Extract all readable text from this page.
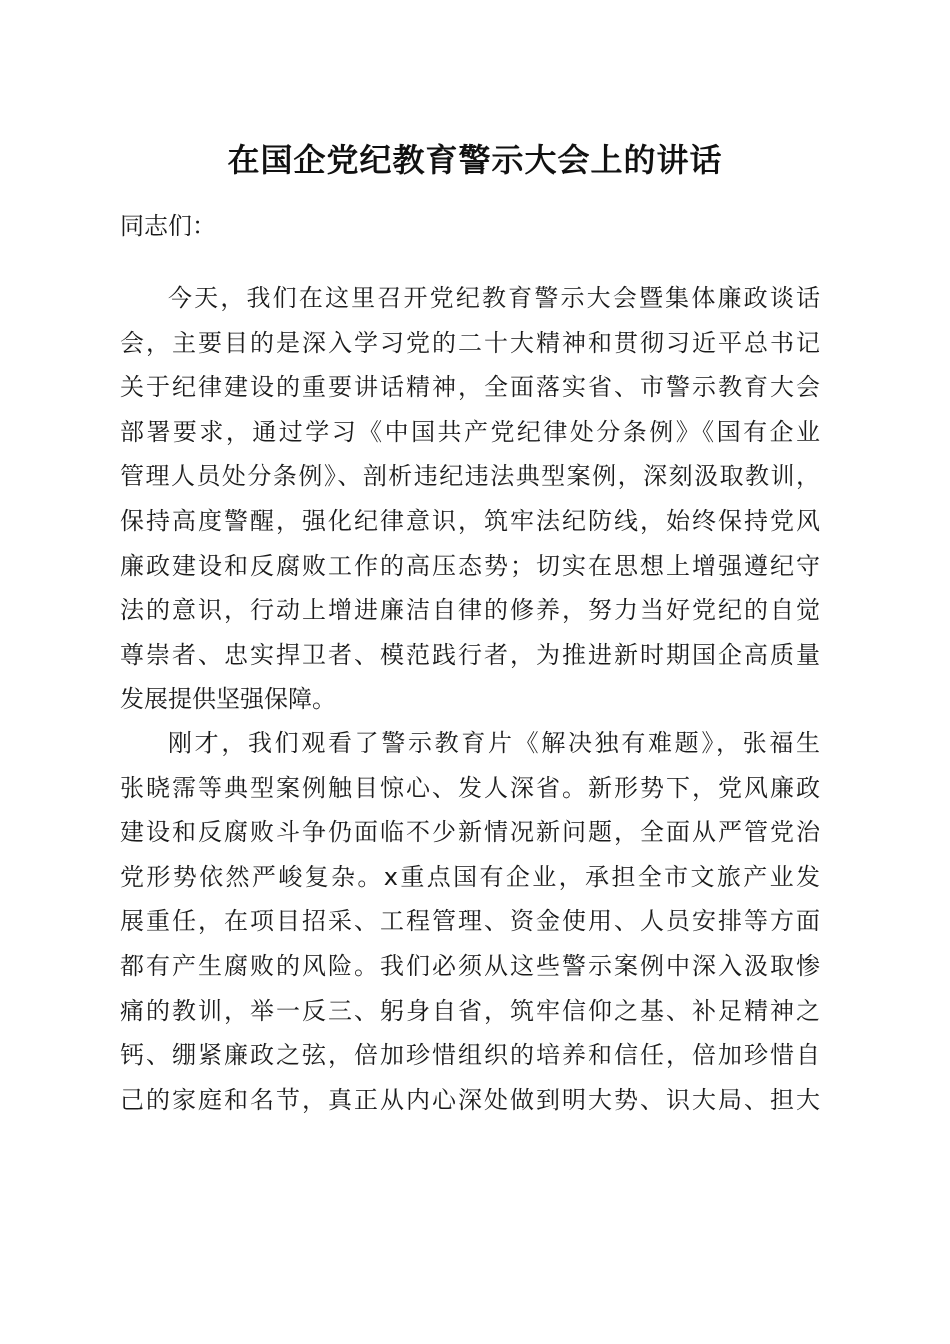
在国企党纪教育警示大会上的讲话
同志们：
今天，我们在这里召开党纪教育警示大会暨集体廉政谈话
会，主要目的是深入学习党的二十大精神和贯彻习近平总书记
关于纪律建设的重要讲话精神，全面落实省、市警示教育大会
部署要求，通过学习《中国共产党纪律处分条例》《国有企业
管理人员处分条例》、剖析违纪违法典型案例，深刻汲取教训，
保持高度警醒，强化纪律意识，筑牢法纪防线，始终保持党风
廉政建设和反腐败工作的高压态势；切实在思想上增强遵纪守
法的意识，行动上增进廉洁自律的修养，努力当好党纪的自觉
尊崇者、忠实捍卫者、模范践行者，为推进新时期国企高质量
发展提供坚强保障。
刚才，我们观看了警示教育片《解决独有难题》，张福生
张晓霈等典型案例触目惊心、发人深省。新形势下，党风廉政
建设和反腐败斗争仍面临不少新情况新问题，全面从严管党治
党形势依然严峻复杂。x重点国有企业，承担全市文旅产业发
展重任，在项目招采、工程管理、资金使用、人员安排等方面
都有产生腐败的风险。我们必须从这些警示案例中深入汲取惨
痛的教训，举一反三、躬身自省，筑牢信仰之基、补足精神之
钙、绷紧廉政之弦，倍加珍惜组织的培养和信任，倍加珍惜自
己的家庭和名节，真正从内心深处做到明大势、识大局、担大
